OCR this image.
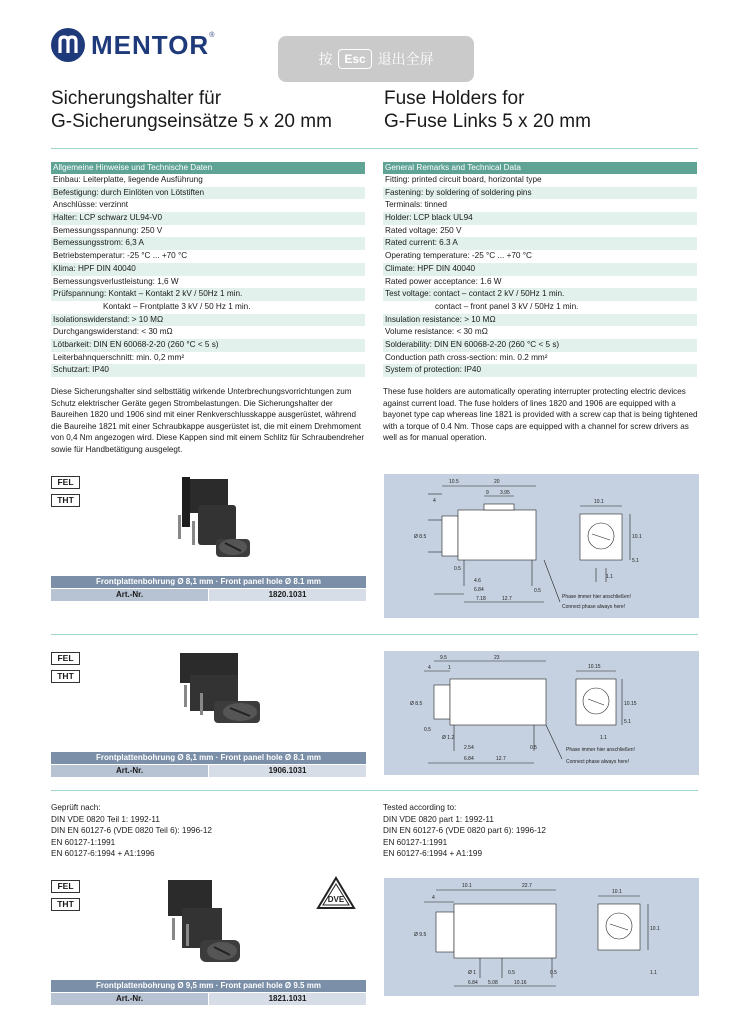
MENTOR ®
按	Esc 退出全屏
Sicherungshalter für
G-Sicherungseinsätze 5 x 20 mm
Fuse Holders for
G-Fuse Links 5 x 20 mm
Allgemeine Hinweise und Technische Daten
Einbau: Leiterplatte, liegende Ausführung
Befestigung: durch Einlöten von Lötstiften
Anschlüsse: verzinnt
Halter: LCP schwarz UL94-V0
Bemessungsspannung: 250 V
Bemessungsstrom: 6,3 A
Betriebstemperatur: -25 °C ... +70 °C
Klima: HPF DIN 40040
Bemessungsverlustleistung: 1,6 W
Prüfspannung: Kontakt – Kontakt 2 kV / 50Hz 1 min.
Kontakt – Frontplatte 3 kV / 50 Hz 1 min.
Isolationswiderstand: > 10 MΩ
Durchgangswiderstand: < 30 mΩ
Lötbarkeit: DIN EN 60068-2-20 (260 °C < 5 s)
Leiterbahnquerschnitt: min. 0,2 mm²
Schutzart: IP40
General Remarks and Technical Data
Fitting: printed circuit board, horizontal type
Fastening: by soldering of soldering pins
Terminals: tinned
Holder: LCP black UL94
Rated voltage: 250 V
Rated current: 6.3 A
Operating temperature: -25 °C ... +70 °C
Climate: HPF DIN 40040
Rated power acceptance: 1.6 W
Test voltage: contact – contact 2 kV / 50Hz 1 min.
contact – front panel 3 kV / 50Hz 1 min.
Insulation resistance: > 10 MΩ
Volume resistance: < 30 mΩ
Solderability: DIN EN 60068-2-20 (260 °C < 5 s)
Conduction path cross-section: min. 0.2 mm²
System of protection: IP40
Diese Sicherungshalter sind selbsttätig wirkende Unterbrechungsvorrichtungen zum Schutz elektrischer Geräte gegen Strombelastungen. Die Sicherungshalter der Baureihen 1820 und 1906 sind mit einer Renkverschlusskappe ausgerüstet, während die Baureihe 1821 mit einer Schraubkappe ausgerüstet ist, die mit einem Drehmoment von 0,4 Nm angezogen wird. Diese Kappen sind mit einem Schlitz für Schraubendreher sowie für Handbetätigung ausgelegt.
These fuse holders are automatically operating interrupter protecting electric devices against current load. The fuse holders of lines 1820 and 1906 are equipped with a bayonet type cap whereas line 1821 is provided with a screw cap that is being tightened with a torque of 0.4 Nm. Those caps are equipped with a channel for screw drivers as well as for manual operation.
FEL
THT
Frontplattenbohrung Ø 8,1 mm · Front panel hole Ø 8.1 mm
Art.-Nr.	1820.1031
10.5	20
9 3.95
4
Ø 8.5
10.1
10.1
5.1
1.1
4.6
6.84
7.18	12.7
0.5
0.5
Phase immer hier anschließen!
Connect phase always here!
FEL
THT
Frontplattenbohrung Ø 8,1 mm · Front panel hole Ø 8.1 mm
Art.-Nr.	1906.1031
9.5	23
4	1
Ø 8.5
10.15
10.15
5.1
1.1
Ø 1.2
2.54
6.84	12.7
0.5
0.5
Phase immer hier anschließen!
Connect phase always here!
Geprüft nach:
DIN VDE 0820 Teil 1: 1992-11
DIN EN 60127-6 (VDE 0820 Teil 6): 1996-12
EN 60127-1:1991
EN 60127-6:1994 + A1:1996
Tested according to:
DIN VDE 0820 part 1: 1992-11
DIN EN 60127-6 (VDE 0820 part 6): 1996-12
EN 60127-1:1991
EN 60127-6:1994 + A1:199
FEL
THT	DVE
Frontplattenbohrung Ø 9,5 mm · Front panel hole Ø 9.5 mm
Art.-Nr.	1821.1031
10.1	22.7
4
Ø 9.5
10.1
10.1
1.1
Ø 1
6.84 5.08	10.16
0.5	0.5
